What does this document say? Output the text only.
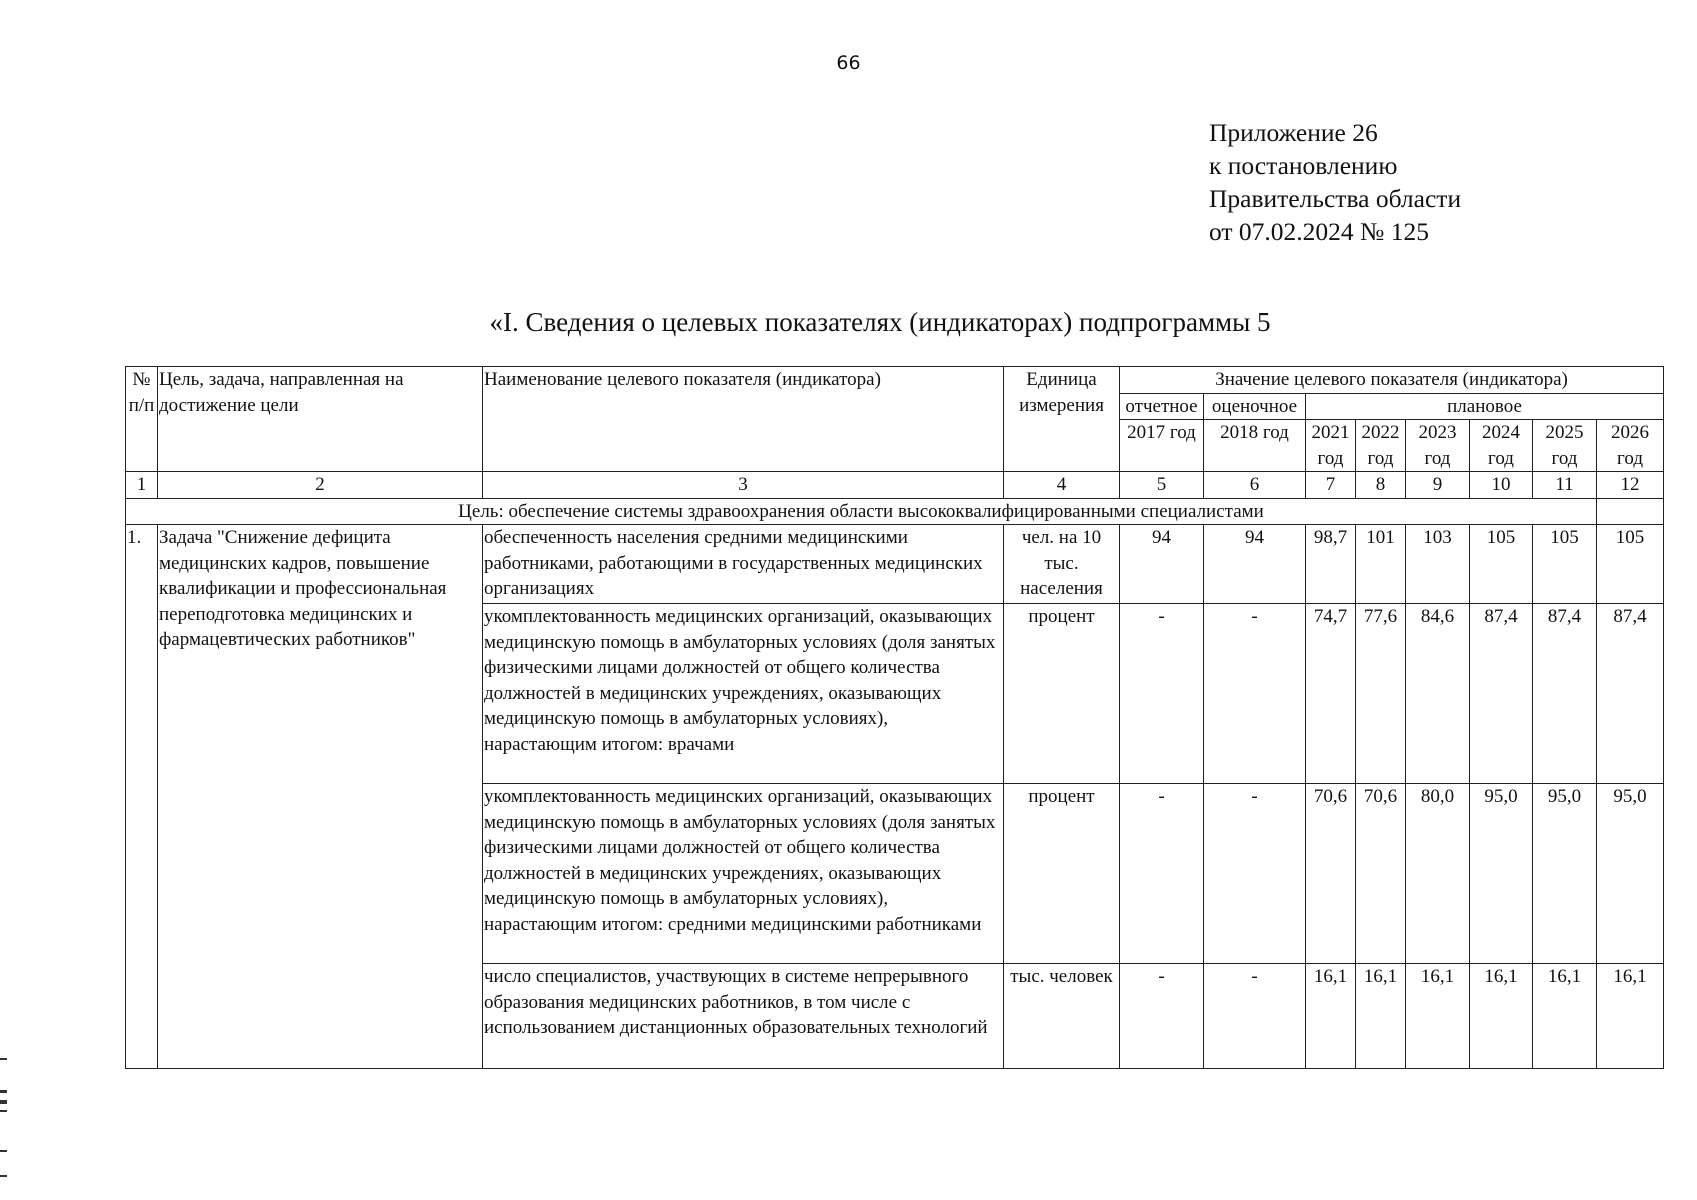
66
Приложение 26
к постановлению
Правительства области
от 07.02.2024 № 125
«I. Сведения о целевых показателях (индикаторах) подпрограммы 5
№ п/п	Цель, задача, направленная на достижение цели	Наименование целевого показателя (индикатора)	Единица измерения	Значение целевого показателя (индикатора)							
				отчетное	оценочное	плановое					
				2017 год	2018 год	2021 год	2022 год	2023 год	2024 год	2025 год	2026 год
1	2	3	4	5	6	7	8	9	10	11	12
Цель: обеспечение системы здравоохранения области высококвалифицированными специалистами											
1.	Задача "Снижение дефицита медицинских кадров, повышение квалификации и профессиональная переподготовка медицинских и фармацевтических работников"	обеспеченность населения средними медицинскими работниками, работающими в государственных медицинских организациях	чел. на 10 тыс. населения	94	94	98,7	101	103	105	105	105
		укомплектованность медицинских организаций, оказывающих медицинскую помощь в амбулаторных условиях (доля занятых физическими лицами должностей от общего количества должностей в медицинских учреждениях, оказывающих медицинскую помощь в амбулаторных условиях), нарастающим итогом: врачами	процент	-	-	74,7	77,6	84,6	87,4	87,4	87,4
		укомплектованность медицинских организаций, оказывающих медицинскую помощь в амбулаторных условиях (доля занятых физическими лицами должностей от общего количества должностей в медицинских учреждениях, оказывающих медицинскую помощь в амбулаторных условиях), нарастающим итогом: средними медицинскими работниками	процент	-	-	70,6	70,6	80,0	95,0	95,0	95,0
		число специалистов, участвующих в системе непрерывного образования медицинских работников, в том числе с использованием дистанционных образовательных технологий	тыс. человек	-	-	16,1	16,1	16,1	16,1	16,1	16,1
